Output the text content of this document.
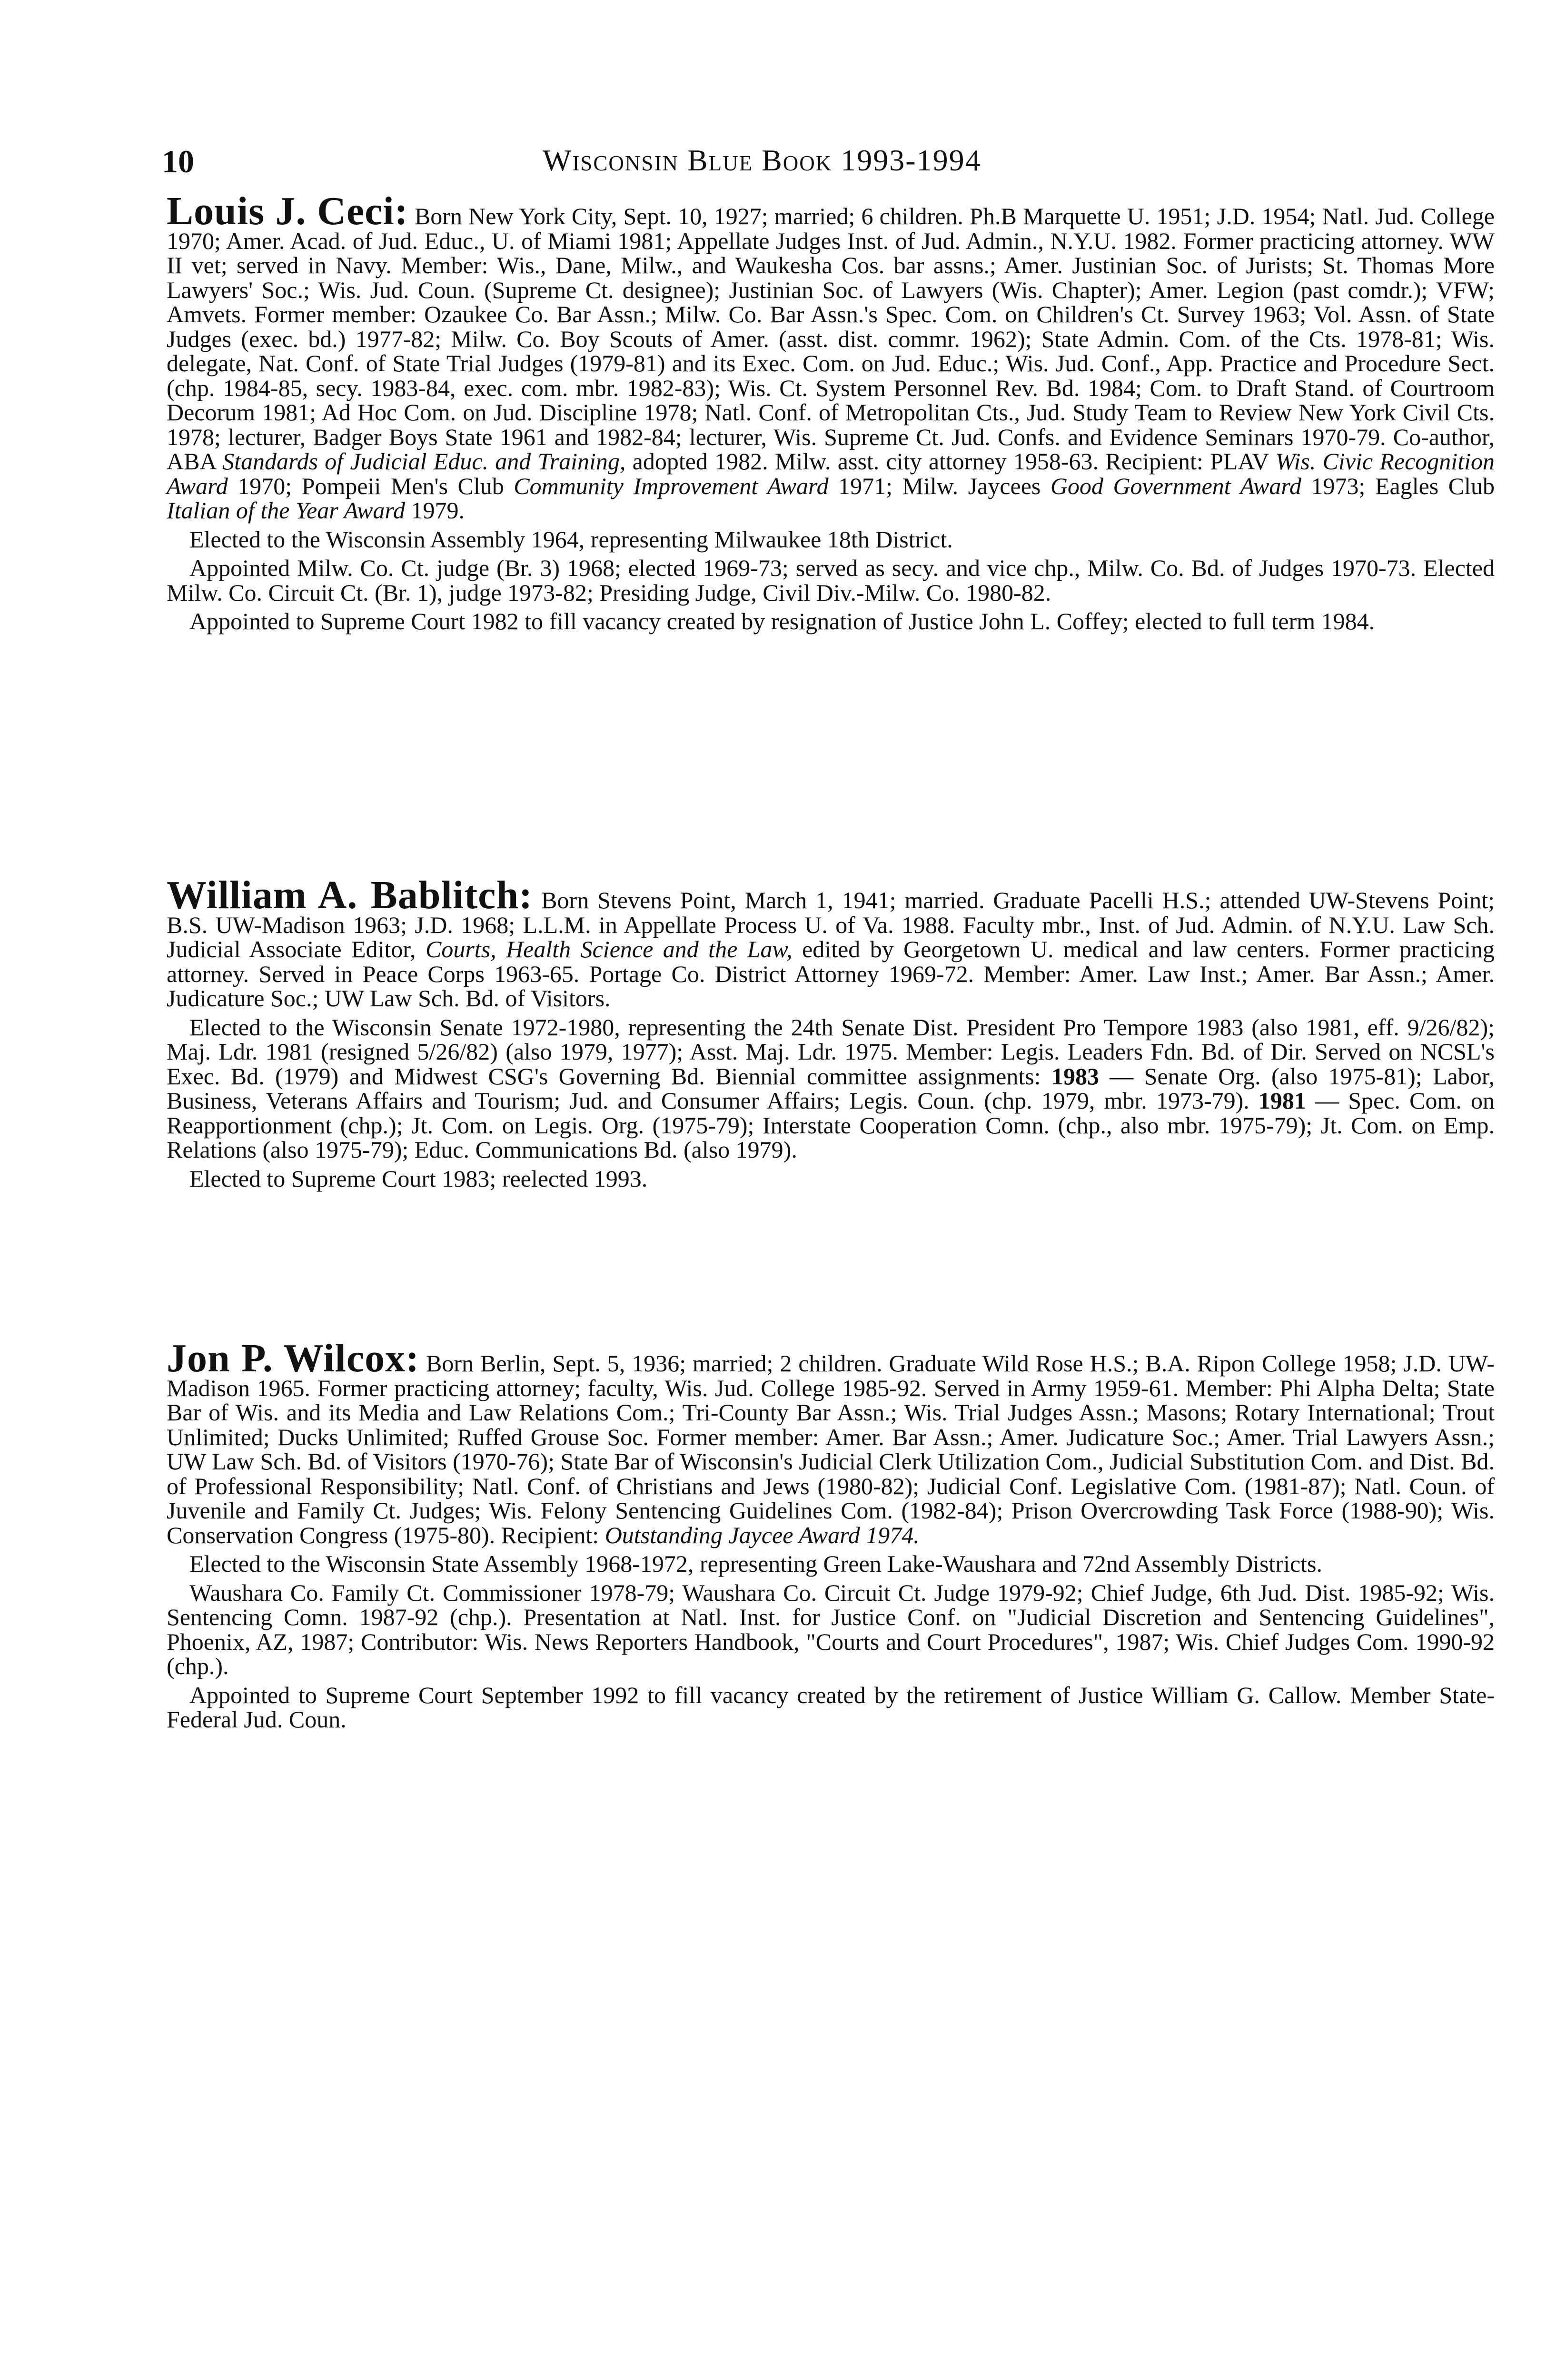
10	Wisconsin Blue Book 1993-1994

Louis J. Ceci: Born New York City, Sept. 10, 1927; married; 6 children. Ph.B Marquette U. 1951; J.D. 1954; Natl. Jud. College 1970; Amer. Acad. of Jud. Educ., U. of Miami 1981; Appellate Judges Inst. of Jud. Admin., N.Y.U. 1982. Former practicing attorney. WW II vet; served in Navy. Member: Wis., Dane, Milw., and Waukesha Cos. bar assns.; Amer. Justinian Soc. of Jurists; St. Thomas More Lawyers' Soc.; Wis. Jud. Coun. (Supreme Ct. designee); Justinian Soc. of Lawyers (Wis. Chapter); Amer. Legion (past comdr.); VFW; Amvets. Former member: Ozaukee Co. Bar Assn.; Milw. Co. Bar Assn.'s Spec. Com. on Children's Ct. Survey 1963; Vol. Assn. of State Judges (exec. bd.) 1977-82; Milw. Co. Boy Scouts of Amer. (asst. dist. commr. 1962); State Admin. Com. of the Cts. 1978-81; Wis. delegate, Nat. Conf. of State Trial Judges (1979-81) and its Exec. Com. on Jud. Educ.; Wis. Jud. Conf., App. Practice and Procedure Sect. (chp. 1984-85, secy. 1983-84, exec. com. mbr. 1982-83); Wis. Ct. System Personnel Rev. Bd. 1984; Com. to Draft Stand. of Courtroom Decorum 1981; Ad Hoc Com. on Jud. Discipline 1978; Natl. Conf. of Metropolitan Cts., Jud. Study Team to Review New York Civil Cts. 1978; lecturer, Badger Boys State 1961 and 1982-84; lecturer, Wis. Supreme Ct. Jud. Confs. and Evidence Seminars 1970-79. Co-author, ABA Standards of Judicial Educ. and Training, adopted 1982. Milw. asst. city attorney 1958-63. Recipient: PLAV Wis. Civic Recognition Award 1970; Pompeii Men's Club Community Improvement Award 1971; Milw. Jaycees Good Government Award 1973; Eagles Club Italian of the Year Award 1979.

Elected to the Wisconsin Assembly 1964, representing Milwaukee 18th District.

Appointed Milw. Co. Ct. judge (Br. 3) 1968; elected 1969-73; served as secy. and vice chp., Milw. Co. Bd. of Judges 1970-73. Elected Milw. Co. Circuit Ct. (Br. 1), judge 1973-82; Presiding Judge, Civil Div.-Milw. Co. 1980-82.

Appointed to Supreme Court 1982 to fill vacancy created by resignation of Justice John L. Coffey; elected to full term 1984.

William A. Bablitch: Born Stevens Point, March 1, 1941; married. Graduate Pacelli H.S.; attended UW-Stevens Point; B.S. UW-Madison 1963; J.D. 1968; L.L.M. in Appellate Process U. of Va. 1988. Faculty mbr., Inst. of Jud. Admin. of N.Y.U. Law Sch. Judicial Associate Editor, Courts, Health Science and the Law, edited by Georgetown U. medical and law centers. Former practicing attorney. Served in Peace Corps 1963-65. Portage Co. District Attorney 1969-72. Member: Amer. Law Inst.; Amer. Bar Assn.; Amer. Judicature Soc.; UW Law Sch. Bd. of Visitors.

Elected to the Wisconsin Senate 1972-1980, representing the 24th Senate Dist. President Pro Tempore 1983 (also 1981, eff. 9/26/82); Maj. Ldr. 1981 (resigned 5/26/82) (also 1979, 1977); Asst. Maj. Ldr. 1975. Member: Legis. Leaders Fdn. Bd. of Dir. Served on NCSL's Exec. Bd. (1979) and Midwest CSG's Governing Bd. Biennial committee assignments: 1983 — Senate Org. (also 1975-81); Labor, Business, Veterans Affairs and Tourism; Jud. and Consumer Affairs; Legis. Coun. (chp. 1979, mbr. 1973-79). 1981 — Spec. Com. on Reapportionment (chp.); Jt. Com. on Legis. Org. (1975-79); Interstate Cooperation Comn. (chp., also mbr. 1975-79); Jt. Com. on Emp. Relations (also 1975-79); Educ. Communications Bd. (also 1979).

Elected to Supreme Court 1983; reelected 1993.

Jon P. Wilcox: Born Berlin, Sept. 5, 1936; married; 2 children. Graduate Wild Rose H.S.; B.A. Ripon College 1958; J.D. UW-Madison 1965. Former practicing attorney; faculty, Wis. Jud. College 1985-92. Served in Army 1959-61. Member: Phi Alpha Delta; State Bar of Wis. and its Media and Law Relations Com.; Tri-County Bar Assn.; Wis. Trial Judges Assn.; Masons; Rotary International; Trout Unlimited; Ducks Unlimited; Ruffed Grouse Soc. Former member: Amer. Bar Assn.; Amer. Judicature Soc.; Amer. Trial Lawyers Assn.; UW Law Sch. Bd. of Visitors (1970-76); State Bar of Wisconsin's Judicial Clerk Utilization Com., Judicial Substitution Com. and Dist. Bd. of Professional Responsibility; Natl. Conf. of Christians and Jews (1980-82); Judicial Conf. Legislative Com. (1981-87); Natl. Coun. of Juvenile and Family Ct. Judges; Wis. Felony Sentencing Guidelines Com. (1982-84); Prison Overcrowding Task Force (1988-90); Wis. Conservation Congress (1975-80). Recipient: Outstanding Jaycee Award 1974.

Elected to the Wisconsin State Assembly 1968-1972, representing Green Lake-Waushara and 72nd Assembly Districts.

Waushara Co. Family Ct. Commissioner 1978-79; Waushara Co. Circuit Ct. Judge 1979-92; Chief Judge, 6th Jud. Dist. 1985-92; Wis. Sentencing Comn. 1987-92 (chp.). Presentation at Natl. Inst. for Justice Conf. on "Judicial Discretion and Sentencing Guidelines", Phoenix, AZ, 1987; Contributor: Wis. News Reporters Handbook, "Courts and Court Procedures", 1987; Wis. Chief Judges Com. 1990-92 (chp.).

Appointed to Supreme Court September 1992 to fill vacancy created by the retirement of Justice William G. Callow. Member State-Federal Jud. Coun.
